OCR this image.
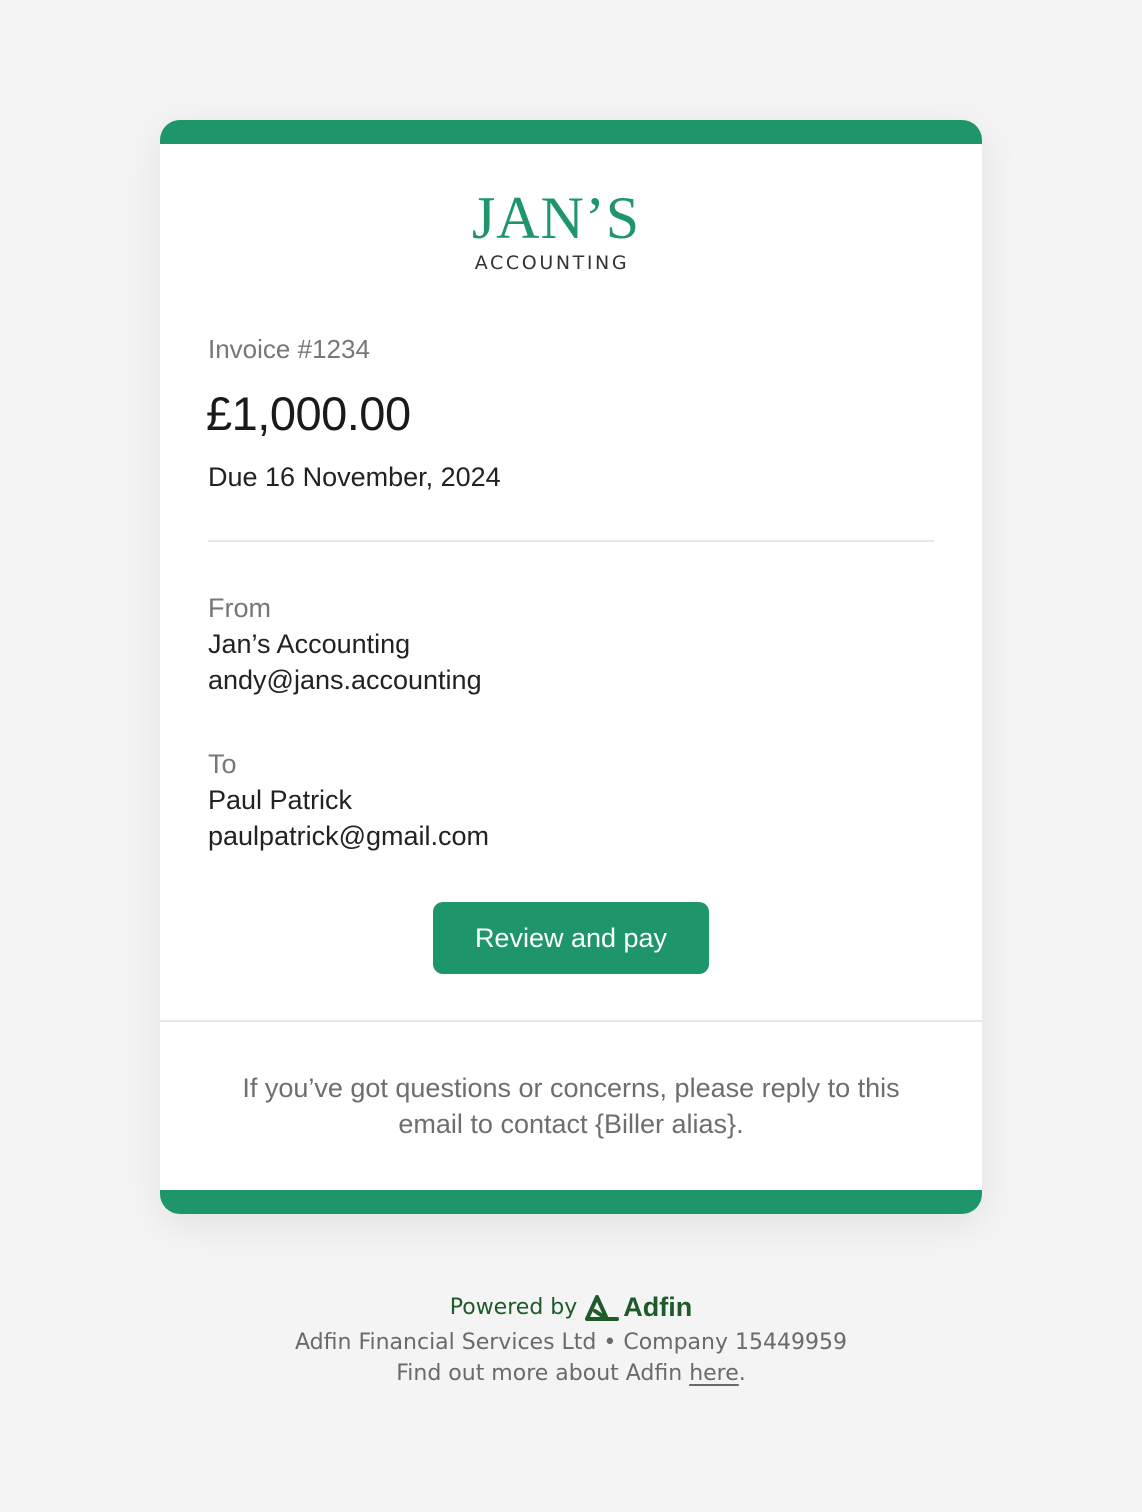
JAN’S
ACCOUNTING
Invoice #1234
£1,000.00
Due 16 November, 2024
From
Jan’s Accounting
andy@jans.accounting
To
Paul Patrick
paulpatrick@gmail.com
Review and pay
If you’ve got questions or concerns, please reply to this email to contact {Biller alias}.
Powered by Adfin
Adfin Financial Services Ltd • Company 15449959
Find out more about Adfin here.
